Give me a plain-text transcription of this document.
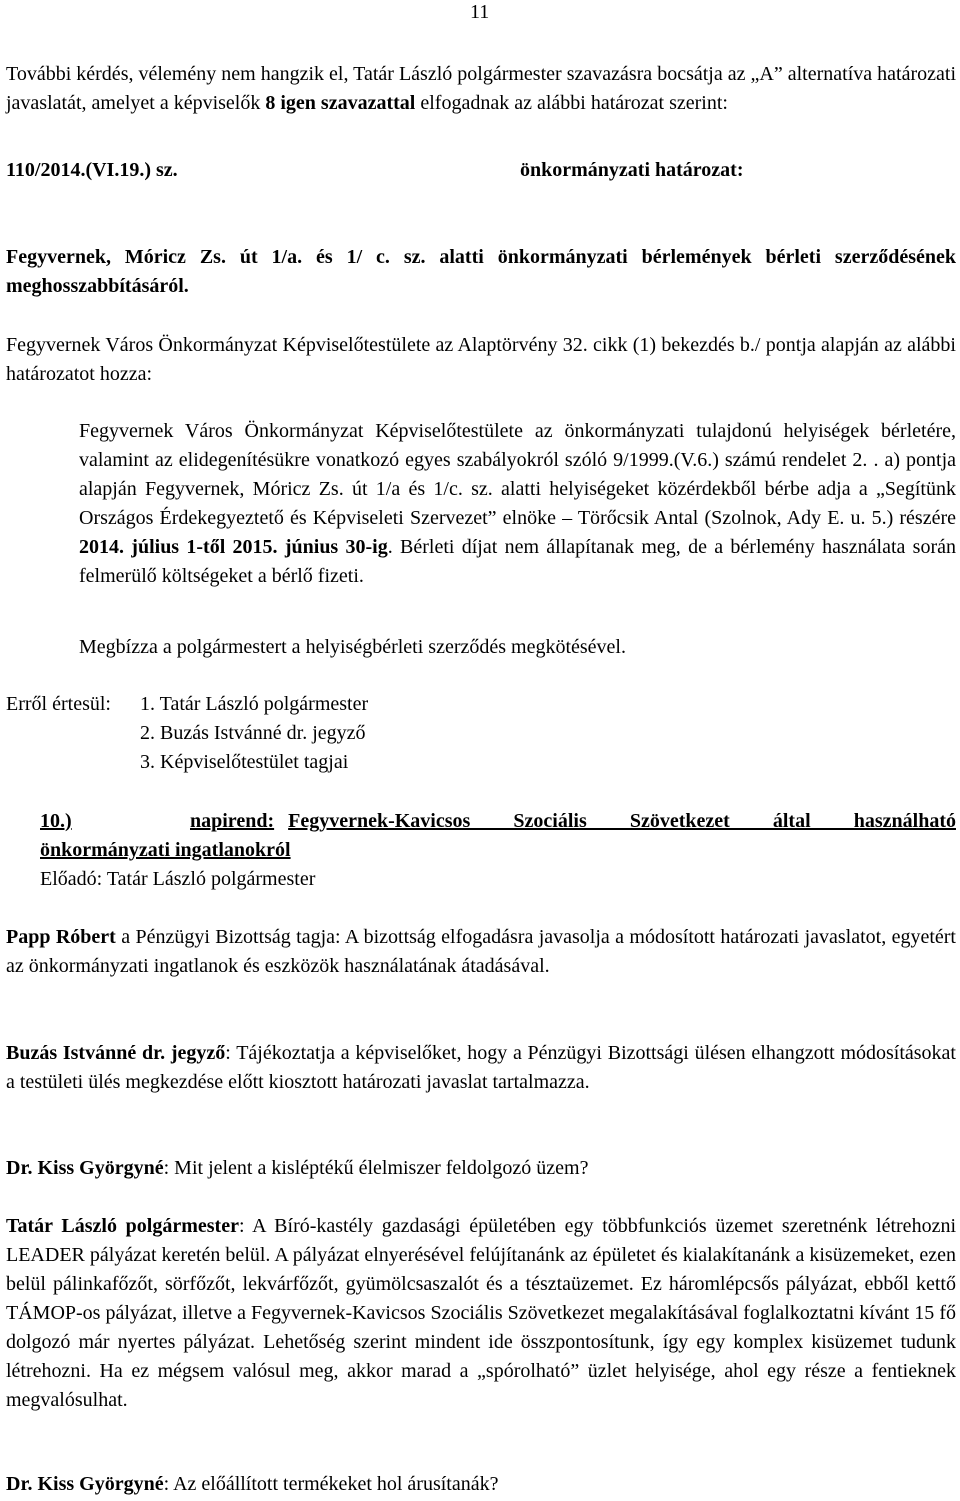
11

További kérdés, vélemény nem hangzik el, Tatár László polgármester szavazásra bocsátja az „A” alternatíva határozati javaslatát, amelyet a képviselők 8 igen szavazattal elfogadnak az alábbi határozat szerint:

110/2014.(VI.19.) sz.	önkormányzati határozat:

Fegyvernek, Móricz Zs. út 1/a. és 1/ c. sz. alatti önkormányzati bérlemények bérleti szerződésének meghosszabbításáról.

Fegyvernek Város Önkormányzat Képviselőtestülete az Alaptörvény 32. cikk (1) bekezdés b./ pontja alapján az alábbi határozatot hozza:

Fegyvernek Város Önkormányzat Képviselőtestülete az önkormányzati tulajdonú helyiségek bérletére, valamint az elidegenítésükre vonatkozó egyes szabályokról szóló 9/1999.(V.6.) számú rendelet 2. . a) pontja alapján Fegyvernek, Móricz Zs. út 1/a és 1/c. sz. alatti helyiségeket közérdekből bérbe adja a „Segítünk Országos Érdekegyeztető és Képviseleti Szervezet” elnöke – Törőcsik Antal (Szolnok, Ady E. u. 5.) részére 2014. július 1-től 2015. június 30-ig. Bérleti díjat nem állapítanak meg, de a bérlemény használata során felmerülő költségeket a bérlő fizeti.

Megbízza a polgármestert a helyiségbérleti szerződés megkötésével.

Erről értesül:	1. Tatár László polgármester
2. Buzás Istvánné dr. jegyző
3. Képviselőtestület tagjai
10.)	napirend: Fegyvernek-Kavicsos Szociális Szövetkezet által használható
önkormányzati ingatlanokról
Előadó: Tatár László polgármester

Papp Róbert a Pénzügyi Bizottság tagja: A bizottság elfogadásra javasolja a módosított határozati javaslatot, egyetért az önkormányzati ingatlanok és eszközök használatának átadásával.

Buzás Istvánné dr. jegyző: Tájékoztatja a képviselőket, hogy a Pénzügyi Bizottsági ülésen elhangzott módosításokat a testületi ülés megkezdése előtt kiosztott határozati javaslat tartalmazza.

Dr. Kiss Györgyné: Mit jelent a kisléptékű élelmiszer feldolgozó üzem?

Tatár László polgármester: A Bíró-kastély gazdasági épületében egy többfunkciós üzemet szeretnénk létrehozni LEADER pályázat keretén belül. A pályázat elnyerésével felújítanánk az épületet és kialakítanánk a kisüzemeket, ezen belül pálinkafőzőt, sörfőzőt, lekvárfőzőt, gyümölcsaszalót és a tésztaüzemet. Ez háromlépcsős pályázat, ebből kettő TÁMOP-os pályázat, illetve a Fegyvernek-Kavicsos Szociális Szövetkezet megalakításával foglalkoztatni kívánt 15 fő dolgozó már nyertes pályázat. Lehetőség szerint mindent ide összpontosítunk, így egy komplex kisüzemet tudunk létrehozni. Ha ez mégsem valósul meg, akkor marad a „spórolható” üzlet helyisége, ahol egy része a fentieknek megvalósulhat.

Dr. Kiss Györgyné: Az előállított termékeket hol árusítanák?
